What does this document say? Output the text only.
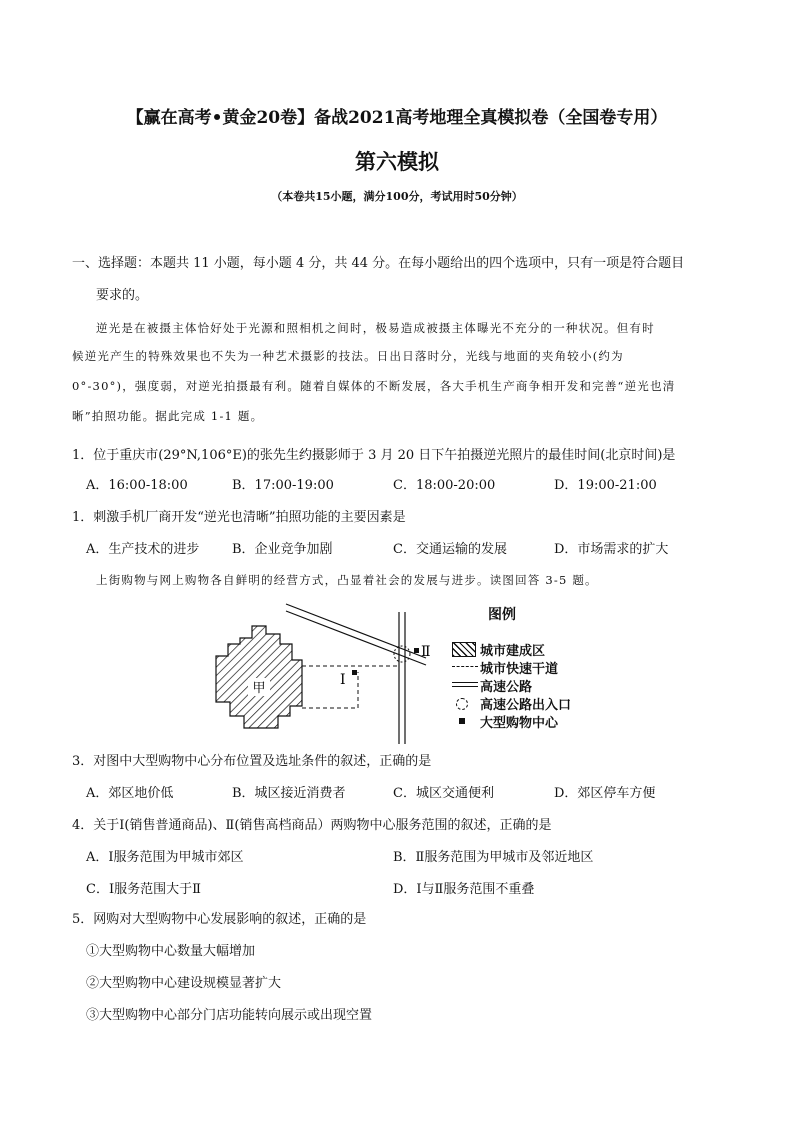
【赢在高考•黄金20卷】备战2021高考地理全真模拟卷（全国卷专用）
第六模拟
（本卷共15小题，满分100分，考试用时50分钟）
一、选择题：本题共 11 小题，每小题 4 分，共 44 分。在每小题给出的四个选项中，只有一项是符合题目
要求的。
逆光是在被摄主体恰好处于光源和照相机之间时，极易造成被摄主体曝光不充分的一种状况。但有时
候逆光产生的特殊效果也不失为一种艺术摄影的技法。日出日落时分，光线与地面的夹角较小(约为
0°-30°)，强度弱，对逆光拍摄最有利。随着自媒体的不断发展，各大手机生产商争相开发和完善“逆光也清
晰”拍照功能。据此完成 1-1 题。
1．位于重庆市(29°N,106°E)的张先生约摄影师于 3 月 20 日下午拍摄逆光照片的最佳时间(北京时间)是
A．16:00-18:00	B．17:00-19:00	C．18:00-20:00	D．19:00-21:00
1．刺激手机厂商开发“逆光也清晰”拍照功能的主要因素是
A．生产技术的进步	B．企业竞争加剧	C．交通运输的发展	D．市场需求的扩大
上街购物与网上购物各自鲜明的经营方式，凸显着社会的发展与进步。读图回答 3-5 题。
甲
Ⅰ
Ⅱ
图例
城市建成区
城市快速干道
高速公路
高速公路出入口
大型购物中心
3．对图中大型购物中心分布位置及选址条件的叙述，正确的是
A．郊区地价低	B．城区接近消费者	C．城区交通便利	D．郊区停车方便
4．关于Ⅰ(销售普通商品)、Ⅱ(销售高档商品）两购物中心服务范围的叙述，正确的是
A．Ⅰ服务范围为甲城市郊区	B．Ⅱ服务范围为甲城市及邻近地区
C．Ⅰ服务范围大于Ⅱ	D．Ⅰ与Ⅱ服务范围不重叠
5．网购对大型购物中心发展影响的叙述，正确的是
①大型购物中心数量大幅增加
②大型购物中心建设规模显著扩大
③大型购物中心部分门店功能转向展示或出现空置
